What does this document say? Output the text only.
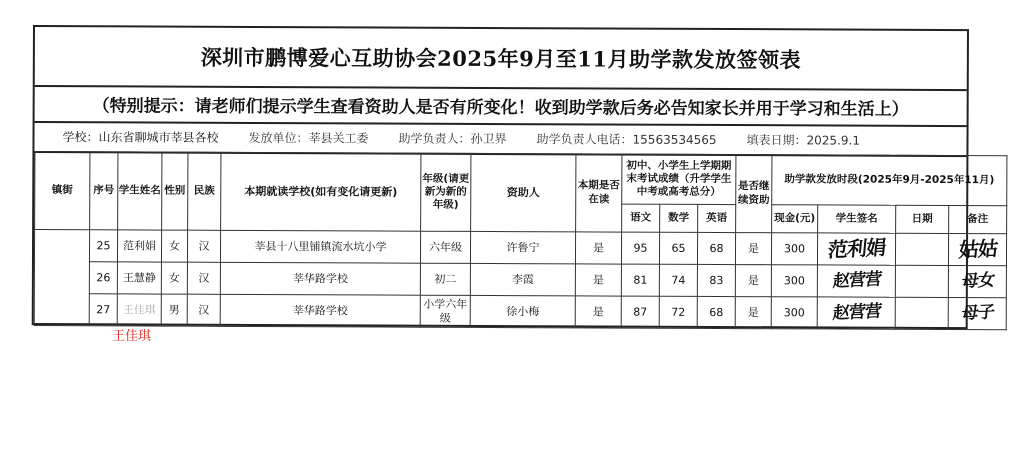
深圳市鹏博爱心互助协会2025年9月至11月助学款发放签领表
（特别提示：请老师们提示学生查看资助人是否有所变化！收到助学款后务必告知家长并用于学习和生活上）
学校：山东省聊城市莘县各校 发放单位：莘县关工委 助学负责人：孙卫界 助学负责人电话：15563534565 填表日期：2025.9.1
镇街	序号	学生姓名	性别	民族	本期就读学校(如有变化请更新)	年级(请更新为新的年级)	资助人	本期是否在读	初中、小学生上学期期末考试成绩（升学学生中考或高考总分）			是否继续资助	助学款发放时段(2025年9月-2025年11月)			
									语文	数学	英语		现金(元)	学生签名	日期	备注
	25	范利娟	女	汉	莘县十八里铺镇流水坑小学	六年级	许鲁宁	是	95	65	68	是	300	范利娟		姑姑
	26	王慧静	女	汉	莘华路学校	初二	李霞	是	81	74	83	是	300	赵营营		母女
	27	王佳琪	男	汉	莘华路学校	小学六年级	徐小梅	是	87	72	68	是	300	赵营营		母子
王佳琪
